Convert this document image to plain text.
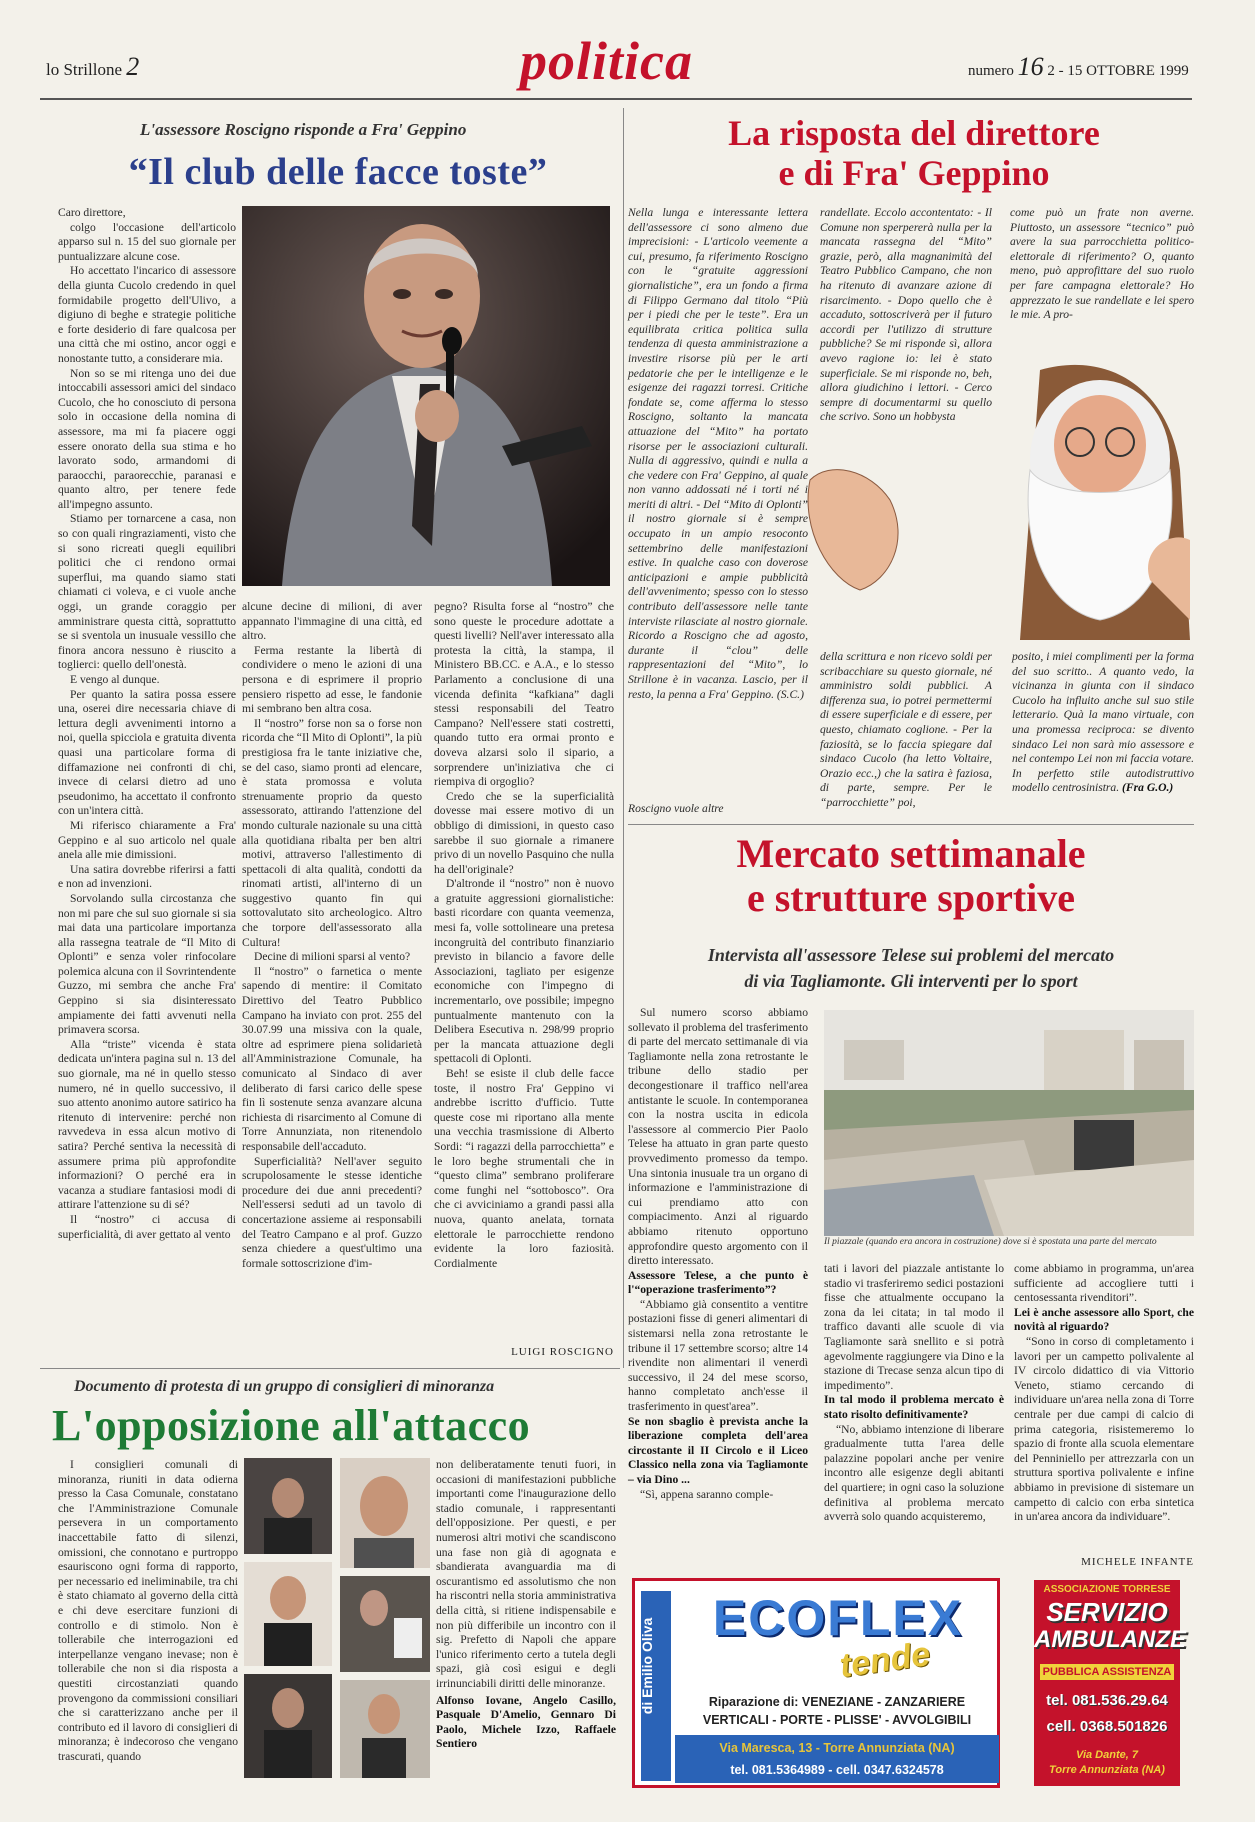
lo Strillone 2	politica	numero 16 2 - 15 OTTOBRE 1999
L'assessore Roscigno risponde a Fra' Geppino
“Il club delle facce toste”

Caro direttore,

colgo l'occasione dell'articolo apparso sul n. 15 del suo giornale per puntualizzare alcune cose.

Ho accettato l'incarico di assessore della giunta Cucolo credendo in quel formidabile progetto dell'Ulivo, a digiuno di beghe e strategie politiche e forte desiderio di fare qualcosa per una città che mi ostino, ancor oggi e nonostante tutto, a considerare mia.

Non so se mi ritenga uno dei due intoccabili assessori amici del sindaco Cucolo, che ho conosciuto di persona solo in occasione della nomina di assessore, ma mi fa piacere oggi essere onorato della sua stima e ho lavorato sodo, armandomi di paraocchi, paraorecchie, paranasi e quanto altro, per tenere fede all'impegno assunto.

Stiamo per tornarcene a casa, non so con quali ringraziamenti, visto che si sono ricreati quegli equilibri politici che ci rendono ormai superflui, ma quando siamo stati chiamati ci voleva, e ci vuole anche oggi, un grande coraggio per amministrare questa città, soprattutto se si sventola un inusuale vessillo che finora ancora nessuno è riuscito a toglierci: quello dell'onestà.

E vengo al dunque.

Per quanto la satira possa essere una, oserei dire necessaria chiave di lettura degli avvenimenti intorno a noi, quella spicciola e gratuita diventa quasi una particolare forma di diffamazione nei confronti di chi, invece di celarsi dietro ad uno pseudonimo, ha accettato il confronto con un'intera città.

Mi riferisco chiaramente a Fra' Geppino e al suo articolo nel quale anela alle mie dimissioni.

Una satira dovrebbe riferirsi a fatti e non ad invenzioni.

Sorvolando sulla circostanza che non mi pare che sul suo giornale si sia mai data una particolare importanza alla rassegna teatrale de “Il Mito di Oplonti” e senza voler rinfocolare polemica alcuna con il Sovrintendente Guzzo, mi sembra che anche Fra' Geppino si sia disinteressato ampiamente dei fatti avvenuti nella primavera scorsa.

Alla “triste” vicenda è stata dedicata un'intera pagina sul n. 13 del suo giornale, ma né in quello stesso numero, né in quello successivo, il suo attento anonimo autore satirico ha ritenuto di intervenire: perché non ravvedeva in essa alcun motivo di satira? Perché sentiva la necessità di assumere prima più approfondite informazioni? O perché era in vacanza a studiare fantasiosi modi di attirare l'attenzione su di sé?

Il “nostro” ci accusa di superficialità, di aver gettato al vento

alcune decine di milioni, di aver appannato l'immagine di una città, ed altro.

Ferma restante la libertà di condividere o meno le azioni di una persona e di esprimere il proprio pensiero rispetto ad esse, le fandonie mi sembrano ben altra cosa.

Il “nostro” forse non sa o forse non ricorda che “Il Mito di Oplonti”, la più prestigiosa fra le tante iniziative che, se del caso, siamo pronti ad elencare, è stata promossa e voluta strenuamente proprio da questo assessorato, attirando l'attenzione del mondo culturale nazionale su una città alla quotidiana ribalta per ben altri motivi, attraverso l'allestimento di spettacoli di alta qualità, condotti da rinomati artisti, all'interno di un suggestivo quanto fin qui sottovalutato sito archeologico. Altro che torpore dell'assessorato alla Cultura!

Decine di milioni sparsi al vento?

Il “nostro” o farnetica o mente sapendo di mentire: il Comitato Direttivo del Teatro Pubblico Campano ha inviato con prot. 255 del 30.07.99 una missiva con la quale, oltre ad esprimere piena solidarietà all'Amministrazione Comunale, ha comunicato al Sindaco di aver deliberato di farsi carico delle spese fin lì sostenute senza avanzare alcuna richiesta di risarcimento al Comune di Torre Annunziata, non ritenendolo responsabile dell'accaduto.

Superficialità? Nell'aver seguito scrupolosamente le stesse identiche procedure dei due anni precedenti? Nell'essersi seduti ad un tavolo di concertazione assieme ai responsabili del Teatro Campano e al prof. Guzzo senza chiedere a quest'ultimo una formale sottoscrizione d'im-

pegno? Risulta forse al “nostro” che sono queste le procedure adottate a questi livelli? Nell'aver interessato alla protesta la città, la stampa, il Ministero BB.CC. e A.A., e lo stesso Parlamento a conclusione di una vicenda definita “kafkiana” dagli stessi responsabili del Teatro Campano? Nell'essere stati costretti, quando tutto era ormai pronto e doveva alzarsi solo il sipario, a sorprendere un'iniziativa che ci riempiva di orgoglio?

Credo che se la superficialità dovesse mai essere motivo di un obbligo di dimissioni, in questo caso sarebbe il suo giornale a rimanere privo di un novello Pasquino che nulla ha dell'originale?

D'altronde il “nostro” non è nuovo a gratuite aggressioni giornalistiche: basti ricordare con quanta veemenza, mesi fa, volle sottolineare una pretesa incongruità del contributo finanziario previsto in bilancio a favore delle Associazioni, tagliato per esigenze economiche con l'impegno di incrementarlo, ove possibile; impegno puntualmente mantenuto con la Delibera Esecutiva n. 298/99 proprio per la mancata attuazione degli spettacoli di Oplonti.

Beh! se esiste il club delle facce toste, il nostro Fra' Geppino vi andrebbe iscritto d'ufficio. Tutte queste cose mi riportano alla mente una vecchia trasmissione di Alberto Sordi: “i ragazzi della parrocchietta” e le loro beghe strumentali che in “questo clima” sembrano proliferare come funghi nel “sottobosco”. Ora che ci avviciniamo a grandi passi alla nuova, quanto anelata, tornata elettorale le parrocchiette rendono evidente la loro faziosità. Cordialmente

LUIGI ROSCIGNO
La risposta del direttore
e di Fra' Geppino

Nella lunga e interessante lettera dell'assessore ci sono almeno due imprecisioni: - L'articolo veemente a cui, presumo, fa riferimento Roscigno con le “gratuite aggressioni giornalistiche”, era un fondo a firma di Filippo Germano dal titolo “Più per i piedi che per le teste”. Era un equilibrata critica politica sulla tendenza di questa amministrazione a investire risorse più per le arti pedatorie che per le intelligenze e le esigenze dei ragazzi torresi. Critiche fondate se, come afferma lo stesso Roscigno, soltanto la mancata attuazione del “Mito” ha portato risorse per le associazioni culturali. Nulla di aggressivo, quindi e nulla a che vedere con Fra' Geppino, al quale non vanno addossati né i torti né i meriti di altri. - Del “Mito di Oplonti” il nostro giornale si è sempre occupato in un ampio resoconto settembrino delle manifestazioni estive. In qualche caso con doverose anticipazioni e ampie pubblicità dell'avvenimento; spesso con lo stesso contributo dell'assessore nelle tante interviste rilasciate al nostro giornale. Ricordo a Roscigno che ad agosto, durante il “clou” delle rappresentazioni del “Mito”, lo Strillone è in vacanza. Lascio, per il resto, la penna a Fra' Geppino. (S.C.)

Roscigno vuole altre

randellate. Eccolo accontentato: - Il Comune non sperpererà nulla per la mancata rassegna del “Mito” grazie, però, alla magnanimità del Teatro Pubblico Campano, che non ha ritenuto di avanzare azione di risarcimento. - Dopo quello che è accaduto, sottoscriverà per il futuro accordi per l'utilizzo di strutture pubbliche? Se mi risponde sì, allora avevo ragione io: lei è stato superficiale. Se mi risponde no, beh, allora giudichino i lettori. - Cerco sempre di documentarmi su quello che scrivo. Sono un hobbysta

come può un frate non averne. Piuttosto, un assessore “tecnico” può avere la sua parrocchietta politico-elettorale di riferimento? O, quanto meno, può approfittare del suo ruolo per fare campagna elettorale? Ho apprezzato le sue randellate e lei spero le mie. A pro-

della scrittura e non ricevo soldi per scribacchiare su questo giornale, né amministro soldi pubblici. A differenza sua, io potrei permettermi di essere superficiale e di essere, per questo, chiamato coglione. - Per la faziosità, se lo faccia spiegare dal sindaco Cucolo (ha letto Voltaire, Orazio ecc.,) che la satira è faziosa, di parte, sempre. Per le “parrocchiette” poi,

posito, i miei complimenti per la forma del suo scritto.. A quanto vedo, la vicinanza in giunta con il sindaco Cucolo ha influito anche sul suo stile letterario. Quà la mano virtuale, con una promessa reciproca: se divento sindaco Lei non sarà mio assessore e nel contempo Lei non mi faccia votare. In perfetto stile autodistruttivo modello centrosinistra. (Fra G.O.)

Mercato settimanale
e strutture sportive
Intervista all'assessore Telese sui problemi del mercato
di via Tagliamonte. Gli interventi per lo sport

Sul numero scorso abbiamo sollevato il problema del trasferimento di parte del mercato settimanale di via Tagliamonte nella zona retrostante le tribune dello stadio per decongestionare il traffico nell'area antistante le scuole. In contemporanea con la nostra uscita in edicola l'assessore al commercio Pier Paolo Telese ha attuato in gran parte questo provvedimento promesso da tempo. Una sintonia inusuale tra un organo di informazione e l'amministrazione di cui prendiamo atto con compiacimento. Anzi al riguardo abbiamo ritenuto opportuno approfondire questo argomento con il diretto interessato.

Assessore Telese, a che punto è l'“operazione trasferimento”?

“Abbiamo già consentito a ventitre postazioni fisse di generi alimentari di sistemarsi nella zona retrostante le tribune il 17 settembre scorso; altre 14 rivendite non alimentari il venerdì successivo, il 24 del mese scorso, hanno completato anch'esse il trasferimento in quest'area”.

Se non sbaglio è prevista anche la liberazione completa dell'area circostante il II Circolo e il Liceo Classico nella zona via Tagliamonte – via Dino ...

“Sì, appena saranno comple-

Il piazzale (quando era ancora in costruzione) dove si è spostata una parte del mercato

tati i lavori del piazzale antistante lo stadio vi trasferiremo sedici postazioni fisse che attualmente occupano la zona da lei citata; in tal modo il traffico davanti alle scuole di via Tagliamonte sarà snellito e si potrà agevolmente raggiungere via Dino e la stazione di Trecase senza alcun tipo di impedimento”.

In tal modo il problema mercato è stato risolto definitivamente?

“No, abbiamo intenzione di liberare gradualmente tutta l'area delle palazzine popolari anche per venire incontro alle esigenze degli abitanti del quartiere; in ogni caso la soluzione definitiva al problema mercato avverrà solo quando acquisteremo,

come abbiamo in programma, un'area sufficiente ad accogliere tutti i centosessanta rivenditori”.

Lei è anche assessore allo Sport, che novità al riguardo?

“Sono in corso di completamento i lavori per un campetto polivalente al IV circolo didattico di via Vittorio Veneto, stiamo cercando di individuare un'area nella zona di Torre centrale per due campi di calcio di prima categoria, risistemeremo lo spazio di fronte alla scuola elementare del Penniniello per attrezzarla con un struttura sportiva polivalente e infine abbiamo in previsione di sistemare un campetto di calcio con erba sintetica in un'area ancora da individuare”.

MICHELE INFANTE
Documento di protesta di un gruppo di consiglieri di minoranza
L'opposizione all'attacco

I consiglieri comunali di minoranza, riuniti in data odierna presso la Casa Comunale, constatano che l'Amministrazione Comunale persevera in un comportamento inaccettabile fatto di silenzi, omissioni, che connotano e purtroppo esauriscono ogni forma di rapporto, per necessario ed ineliminabile, tra chi è stato chiamato al governo della città e chi deve esercitare funzioni di controllo e di stimolo. Non è tollerabile che interrogazioni ed interpellanze vengano inevase; non è tollerabile che non si dia risposta a questiti circostanziati quando provengono da commissioni consiliari che si caratterizzano anche per il contributo ed il lavoro di consiglieri di minoranza; è indecoroso che vengano trascurati, quando

non deliberatamente tenuti fuori, in occasioni di manifestazioni pubbliche importanti come l'inaugurazione dello stadio comunale, i rappresentanti dell'opposizione. Per questi, e per numerosi altri motivi che scandiscono una fase non già di agognata e sbandierata avanguardia ma di oscurantismo ed assolutismo che non ha riscontri nella storia amministrativa della città, si ritiene indispensabile e non più differibile un incontro con il sig. Prefetto di Napoli che appare l'unico riferimento certo a tutela degli spazi, già così esigui e degli irrinunciabili diritti delle minoranze.

Alfonso Iovane, Angelo Casillo, Pasquale D'Amelio, Gennaro Di Paolo, Michele Izzo, Raffaele Sentiero

di Emilio Oliva	ECOFLEX
tende
Riparazione di: VENEZIANE - ZANZARIERE
VERTICALI - PORTE - PLISSE' - AVVOLGIBILI
Via Maresca, 13 - Torre Annunziata (NA)
tel. 081.5364989 - cell. 0347.6324578
ASSOCIAZIONE TORRESE
SERVIZIO
AMBULANZE
PUBBLICA ASSISTENZA
tel. 081.536.29.64
cell. 0368.501826
Via Dante, 7
Torre Annunziata (NA)
